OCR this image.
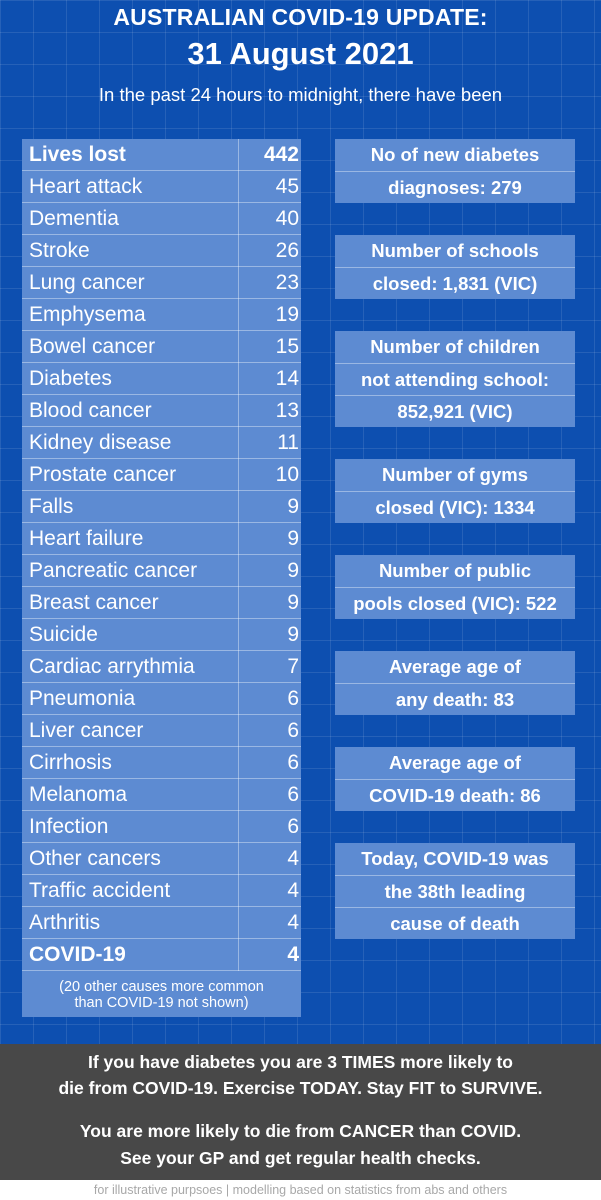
AUSTRALIAN COVID-19 UPDATE:
31 August 2021
In the past 24 hours to midnight, there have been
Lives lost	442
Heart attack	45
Dementia	40
Stroke	26
Lung cancer	23
Emphysema	19
Bowel cancer	15
Diabetes	14
Blood cancer	13
Kidney disease	11
Prostate cancer	10
Falls	9
Heart failure	9
Pancreatic cancer	9
Breast cancer	9
Suicide	9
Cardiac arrythmia	7
Pneumonia	6
Liver cancer	6
Cirrhosis	6
Melanoma	6
Infection	6
Other cancers	4
Traffic accident	4
Arthritis	4
COVID-19	4
(20 other causes more common
than COVID-19 not shown)
No of new diabetes
diagnoses: 279
Number of schools
closed: 1,831 (VIC)
Number of children
not attending school:
852,921 (VIC)
Number of gyms
closed (VIC): 1334
Number of public
pools closed (VIC): 522
Average age of
any death: 83
Average age of
COVID-19 death: 86
Today, COVID-19 was
the 38th leading
cause of death
If you have diabetes you are 3 TIMES more likely to
die from COVID-19. Exercise TODAY. Stay FIT to SURVIVE.
You are more likely to die from CANCER than COVID.
See your GP and get regular health checks.
for illustrative purpsoes | modelling based on statistics from abs and others
